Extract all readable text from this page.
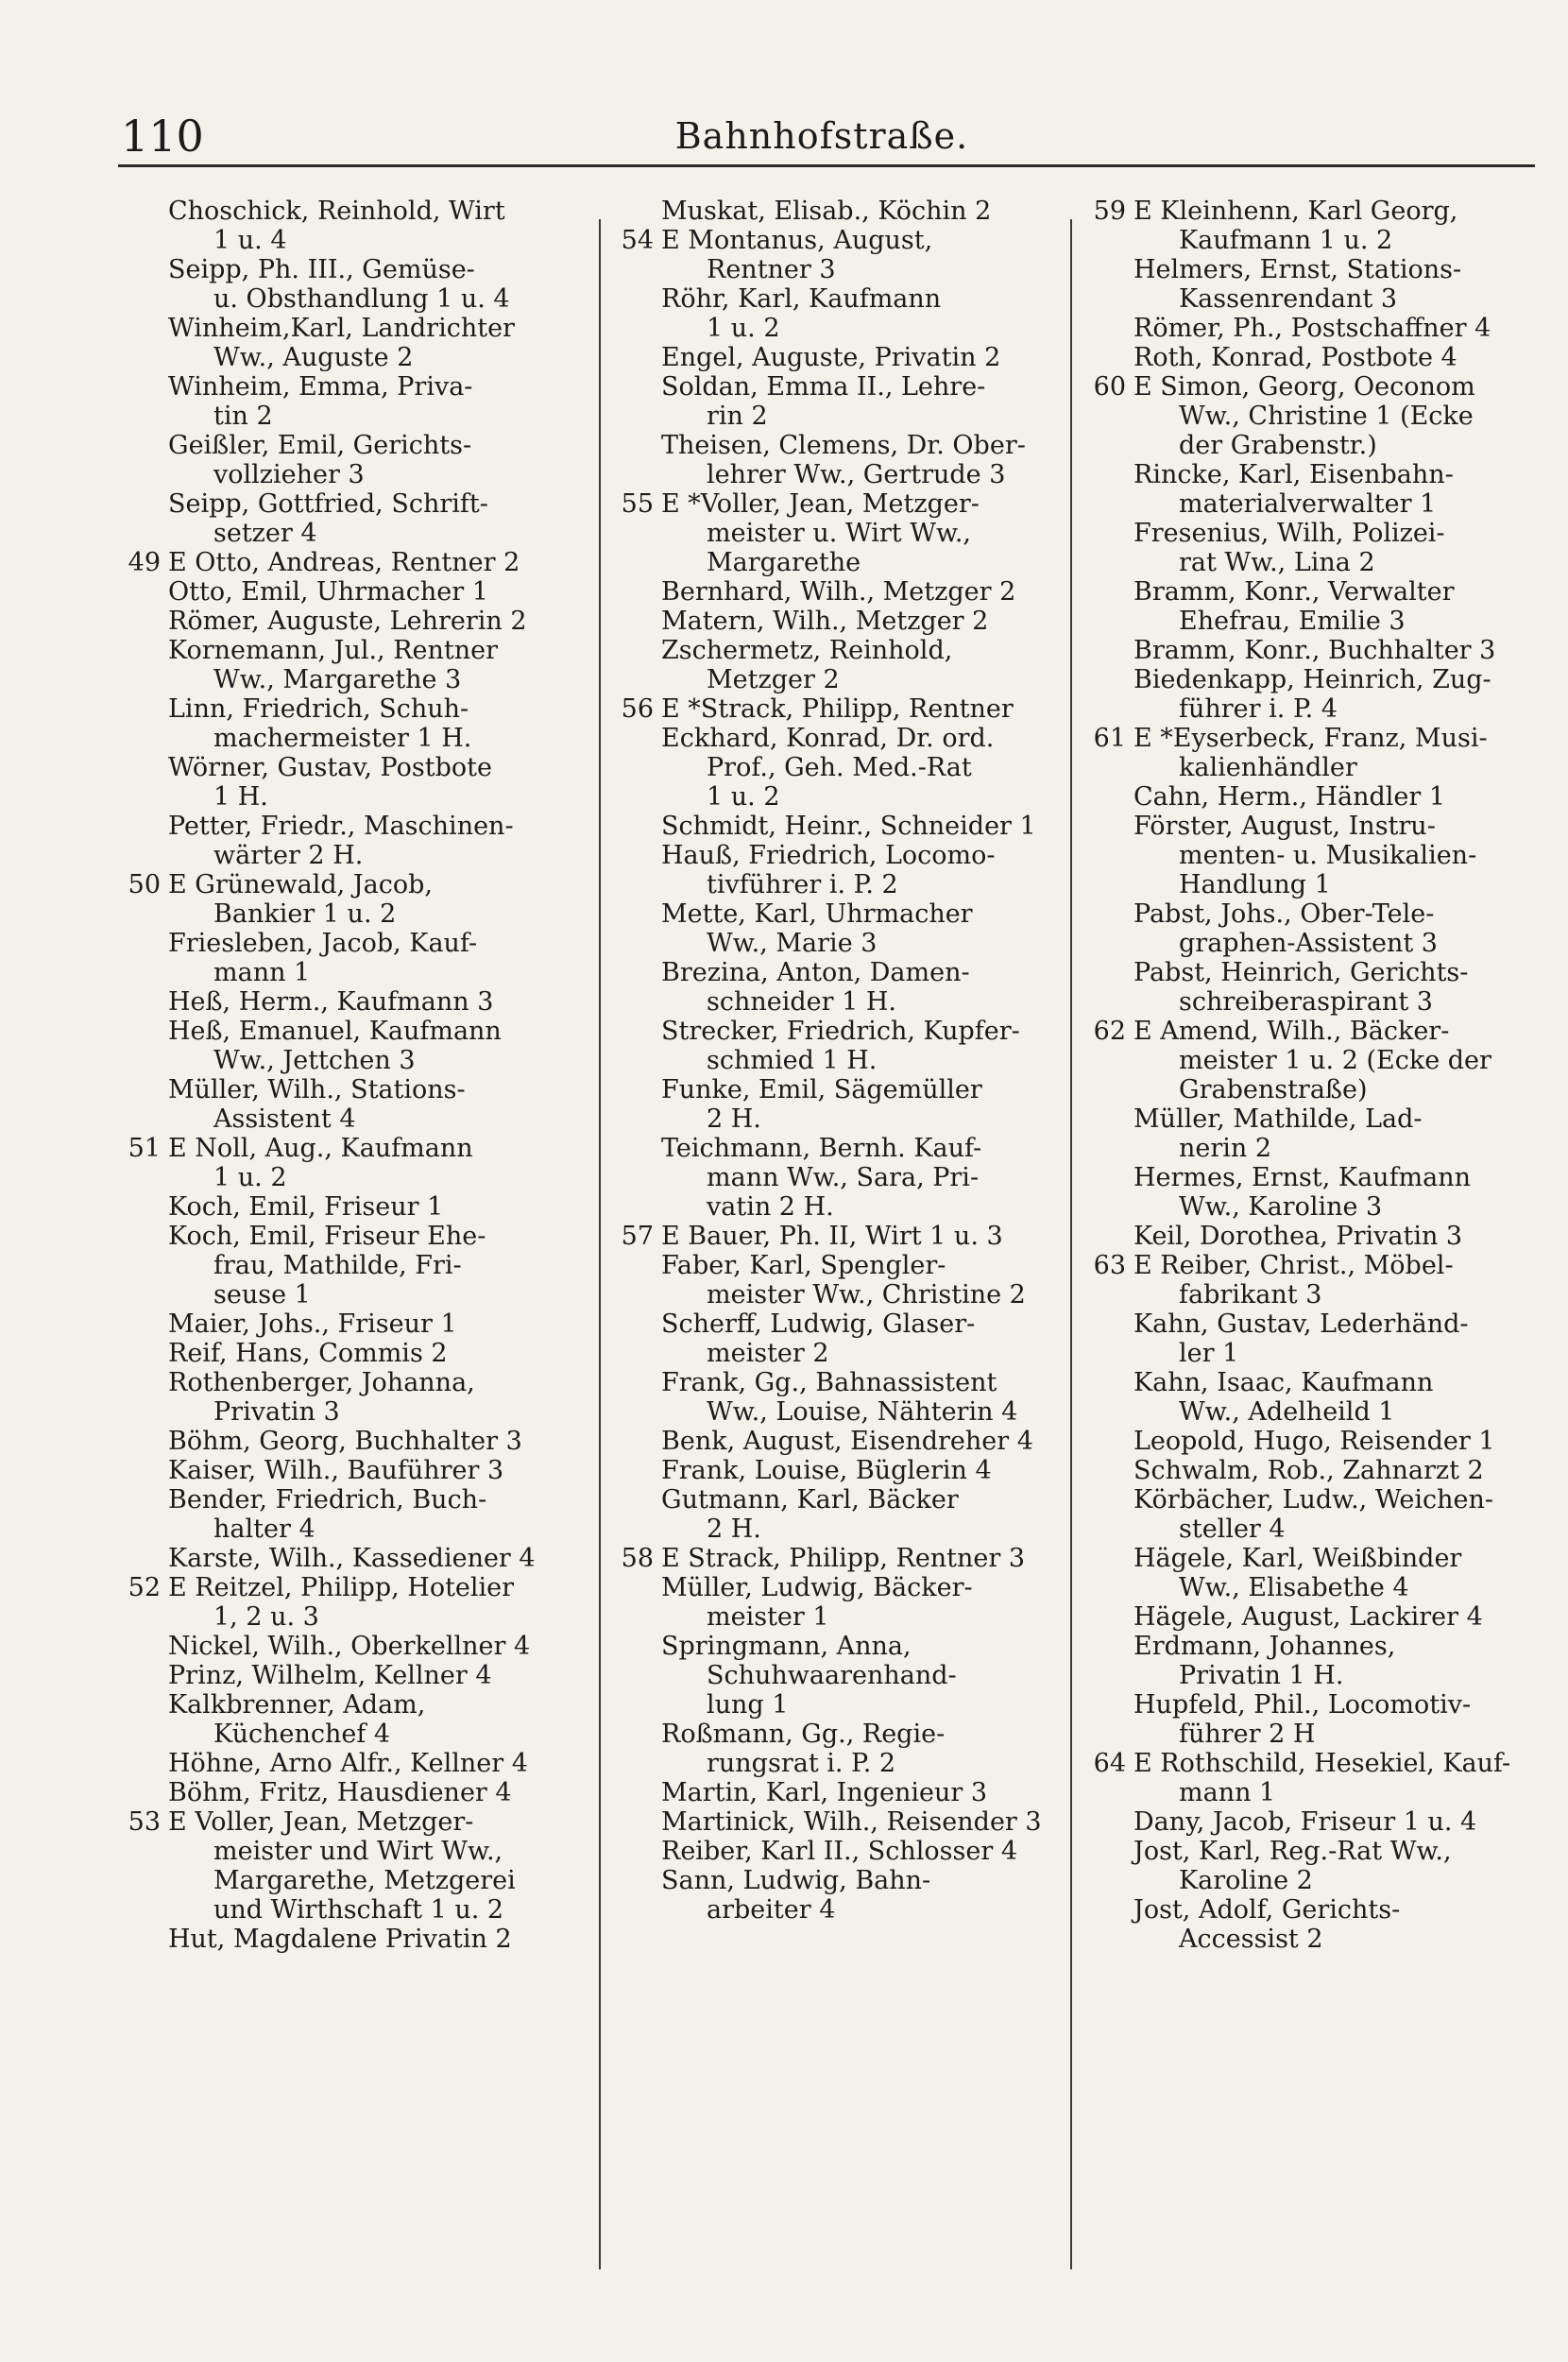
110	Bahnhofstraße.
Choschick, Reinhold, Wirt
1 u. 4
Seipp, Ph. III., Gemüse-
u. Obsthandlung 1 u. 4
Winheim,Karl, Landrichter
Ww., Auguste 2
Winheim, Emma, Priva-
tin 2
Geißler, Emil, Gerichts-
vollzieher 3
Seipp, Gottfried, Schrift-
setzer 4
49 E Otto, Andreas, Rentner 2
Otto, Emil, Uhrmacher 1
Römer, Auguste, Lehrerin 2
Kornemann, Jul., Rentner
Ww., Margarethe 3
Linn, Friedrich, Schuh-
machermeister 1 H.
Wörner, Gustav, Postbote
1 H.
Petter, Friedr., Maschinen-
wärter 2 H.
50 E Grünewald, Jacob,
Bankier 1 u. 2
Friesleben, Jacob, Kauf-
mann 1
Heß, Herm., Kaufmann 3
Heß, Emanuel, Kaufmann
Ww., Jettchen 3
Müller, Wilh., Stations-
Assistent 4
51 E Noll, Aug., Kaufmann
1 u. 2
Koch, Emil, Friseur 1
Koch, Emil, Friseur Ehe-
frau, Mathilde, Fri-
seuse 1
Maier, Johs., Friseur 1
Reif, Hans, Commis 2
Rothenberger, Johanna,
Privatin 3
Böhm, Georg, Buchhalter 3
Kaiser, Wilh., Bauführer 3
Bender, Friedrich, Buch-
halter 4
Karste, Wilh., Kassediener 4
52 E Reitzel, Philipp, Hotelier
1, 2 u. 3
Nickel, Wilh., Oberkellner 4
Prinz, Wilhelm, Kellner 4
Kalkbrenner, Adam,
Küchenchef 4
Höhne, Arno Alfr., Kellner 4
Böhm, Fritz, Hausdiener 4
53 E Voller, Jean, Metzger-
meister und Wirt Ww.,
Margarethe, Metzgerei
und Wirthschaft 1 u. 2
Hut, Magdalene Privatin 2
Muskat, Elisab., Köchin 2
54 E Montanus, August,
Rentner 3
Röhr, Karl, Kaufmann
1 u. 2
Engel, Auguste, Privatin 2
Soldan, Emma II., Lehre-
rin 2
Theisen, Clemens, Dr. Ober-
lehrer Ww., Gertrude 3
55 E *Voller, Jean, Metzger-
meister u. Wirt Ww.,
Margarethe
Bernhard, Wilh., Metzger 2
Matern, Wilh., Metzger 2
Zschermetz, Reinhold,
Metzger 2
56 E *Strack, Philipp, Rentner
Eckhard, Konrad, Dr. ord.
Prof., Geh. Med.-Rat
1 u. 2
Schmidt, Heinr., Schneider 1
Hauß, Friedrich, Locomo-
tivführer i. P. 2
Mette, Karl, Uhrmacher
Ww., Marie 3
Brezina, Anton, Damen-
schneider 1 H.
Strecker, Friedrich, Kupfer-
schmied 1 H.
Funke, Emil, Sägemüller
2 H.
Teichmann, Bernh. Kauf-
mann Ww., Sara, Pri-
vatin 2 H.
57 E Bauer, Ph. II, Wirt 1 u. 3
Faber, Karl, Spengler-
meister Ww., Christine 2
Scherff, Ludwig, Glaser-
meister 2
Frank, Gg., Bahnassistent
Ww., Louise, Nähterin 4
Benk, August, Eisendreher 4
Frank, Louise, Büglerin 4
Gutmann, Karl, Bäcker
2 H.
58 E Strack, Philipp, Rentner 3
Müller, Ludwig, Bäcker-
meister 1
Springmann, Anna,
Schuhwaarenhand-
lung 1
Roßmann, Gg., Regie-
rungsrat i. P. 2
Martin, Karl, Ingenieur 3
Martinick, Wilh., Reisender 3
Reiber, Karl II., Schlosser 4
Sann, Ludwig, Bahn-
arbeiter 4
59 E Kleinhenn, Karl Georg,
Kaufmann 1 u. 2
Helmers, Ernst, Stations-
Kassenrendant 3
Römer, Ph., Postschaffner 4
Roth, Konrad, Postbote 4
60 E Simon, Georg, Oeconom
Ww., Christine 1 (Ecke
der Grabenstr.)
Rincke, Karl, Eisenbahn-
materialverwalter 1
Fresenius, Wilh, Polizei-
rat Ww., Lina 2
Bramm, Konr., Verwalter
Ehefrau, Emilie 3
Bramm, Konr., Buchhalter 3
Biedenkapp, Heinrich, Zug-
führer i. P. 4
61 E *Eyserbeck, Franz, Musi-
kalienhändler
Cahn, Herm., Händler 1
Förster, August, Instru-
menten- u. Musikalien-
Handlung 1
Pabst, Johs., Ober-Tele-
graphen-Assistent 3
Pabst, Heinrich, Gerichts-
schreiberaspirant 3
62 E Amend, Wilh., Bäcker-
meister 1 u. 2 (Ecke der
Grabenstraße)
Müller, Mathilde, Lad-
nerin 2
Hermes, Ernst, Kaufmann
Ww., Karoline 3
Keil, Dorothea, Privatin 3
63 E Reiber, Christ., Möbel-
fabrikant 3
Kahn, Gustav, Lederhänd-
ler 1
Kahn, Isaac, Kaufmann
Ww., Adelheild 1
Leopold, Hugo, Reisender 1
Schwalm, Rob., Zahnarzt 2
Körbächer, Ludw., Weichen-
steller 4
Hägele, Karl, Weißbinder
Ww., Elisabethe 4
Hägele, August, Lackirer 4
Erdmann, Johannes,
Privatin 1 H.
Hupfeld, Phil., Locomotiv-
führer 2 H
64 E Rothschild, Hesekiel, Kauf-
mann 1
Dany, Jacob, Friseur 1 u. 4
Jost, Karl, Reg.-Rat Ww.,
Karoline 2
Jost, Adolf, Gerichts-
Accessist 2
